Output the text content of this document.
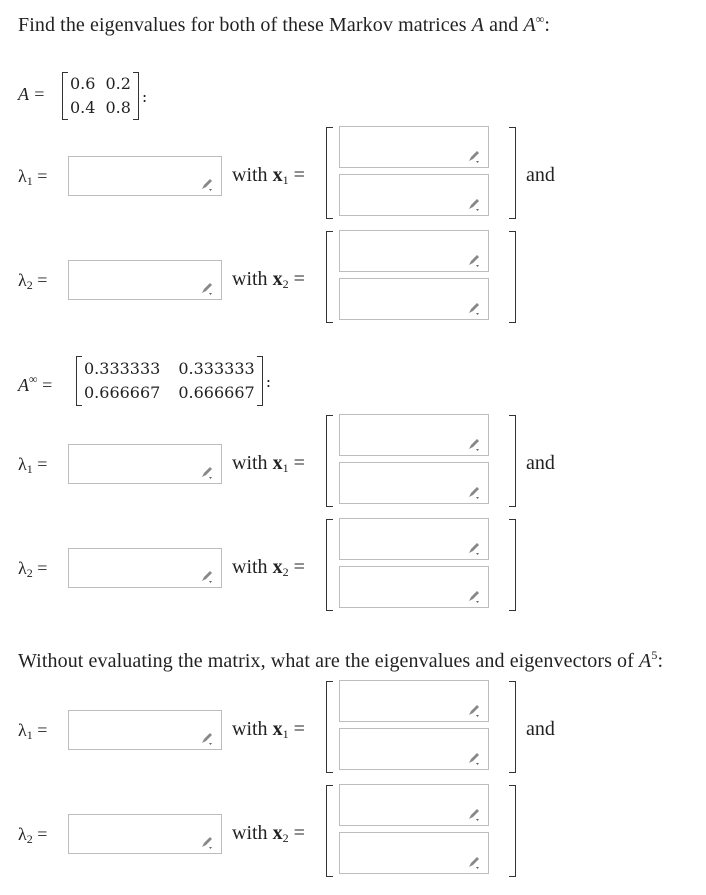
Find the eigenvalues for both of these Markov matrices A and A∞:
A =
0.6 0.2
0.4 0.8
:
$\lambda_1$ =	with $x_1$ =	and
$\lambda_2$ =	with $x_2$ =
A∞ =
0.333333 0.333333
0.666667 0.666667
:
$\lambda_1$ =	with $x_1$ =	and
$\lambda_2$ =	with $x_2$ =
Without evaluating the matrix, what are the eigenvalues and eigenvectors of $A^5$:
$\lambda_1$ =	with $x_1$ =	and
$\lambda_2$ =	with $x_2$ =
